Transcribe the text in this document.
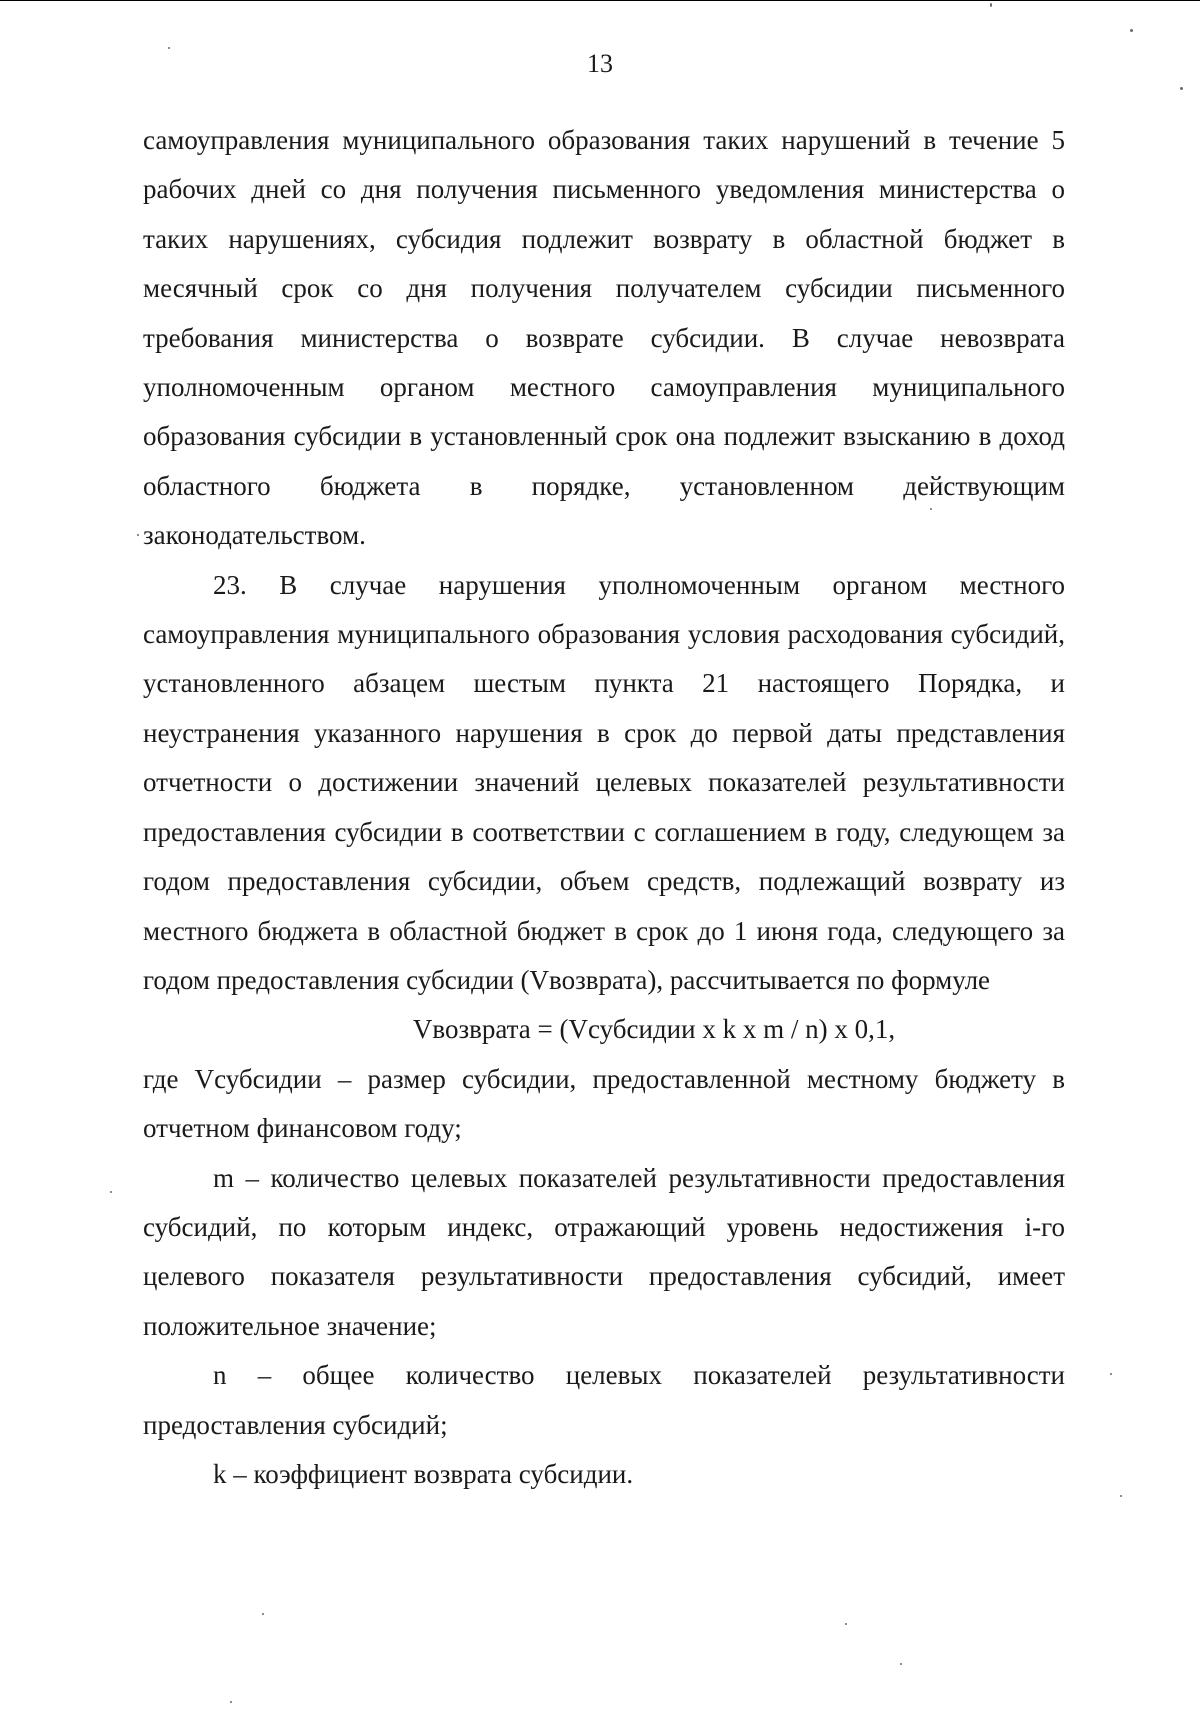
13

самоуправления муниципального образования таких нарушений в течение 5 рабочих дней со дня получения письменного уведомления министерства о таких нарушениях, субсидия подлежит возврату в областной бюджет в месячный срок со дня получения получателем субсидии письменного требования министерства о возврате субсидии. В случае невозврата уполномоченным органом местного самоуправления муниципального образования субсидии в установленный срок она подлежит взысканию в доход областного бюджета в порядке, установленном действующим законодательством.

23. В случае нарушения уполномоченным органом местного самоуправления муниципального образования условия расходования субсидий, установленного абзацем шестым пункта 21 настоящего Порядка, и неустранения указанного нарушения в срок до первой даты представления отчетности о достижении значений целевых показателей результативности предоставления субсидии в соответствии с соглашением в году, следующем за годом предоставления субсидии, объем средств, подлежащий возврату из местного бюджета в областной бюджет в срок до 1 июня года, следующего за годом предоставления субсидии (Vвозврата), рассчитывается по формуле

Vвозврата = (Vсубсидии x k x m / n) x 0,1,

где Vсубсидии – размер субсидии, предоставленной местному бюджету в отчетном финансовом году;

m – количество целевых показателей результативности предоставления субсидий, по которым индекс, отражающий уровень недостижения i-го целевого показателя результативности предоставления субсидий, имеет положительное значение;

n – общее количество целевых показателей результативности предоставления субсидий;

k – коэффициент возврата субсидии.
